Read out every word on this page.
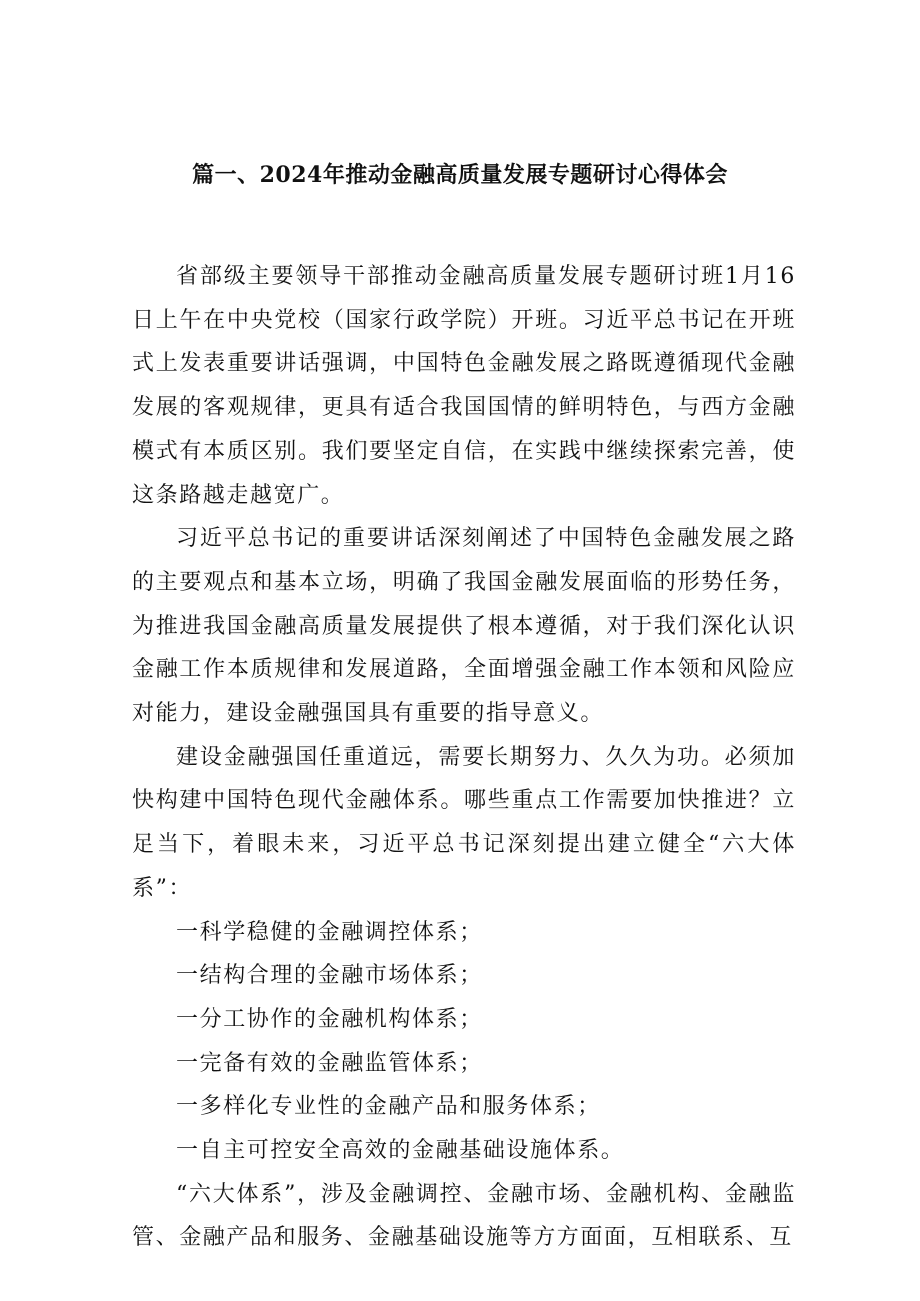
篇一、2024年推动金融高质量发展专题研讨心得体会

省部级主要领导干部推动金融高质量发展专题研讨班1月16日上午在中央党校（国家行政学院）开班。习近平总书记在开班式上发表重要讲话强调，中国特色金融发展之路既遵循现代金融发展的客观规律，更具有适合我国国情的鲜明特色，与西方金融模式有本质区别。我们要坚定自信，在实践中继续探索完善，使这条路越走越宽广。

习近平总书记的重要讲话深刻阐述了中国特色金融发展之路的主要观点和基本立场，明确了我国金融发展面临的形势任务，为推进我国金融高质量发展提供了根本遵循，对于我们深化认识金融工作本质规律和发展道路，全面增强金融工作本领和风险应对能力，建设金融强国具有重要的指导意义。

建设金融强国任重道远，需要长期努力、久久为功。必须加快构建中国特色现代金融体系。哪些重点工作需要加快推进？立足当下，着眼未来，习近平总书记深刻提出建立健全“六大体系”：

一科学稳健的金融调控体系；
一结构合理的金融市场体系；
一分工协作的金融机构体系；
一完备有效的金融监管体系；
一多样化专业性的金融产品和服务体系；
一自主可控安全高效的金融基础设施体系。

“六大体系”，涉及金融调控、金融市场、金融机构、金融监管、金融产品和服务、金融基础设施等方方面面，互相联系、互
